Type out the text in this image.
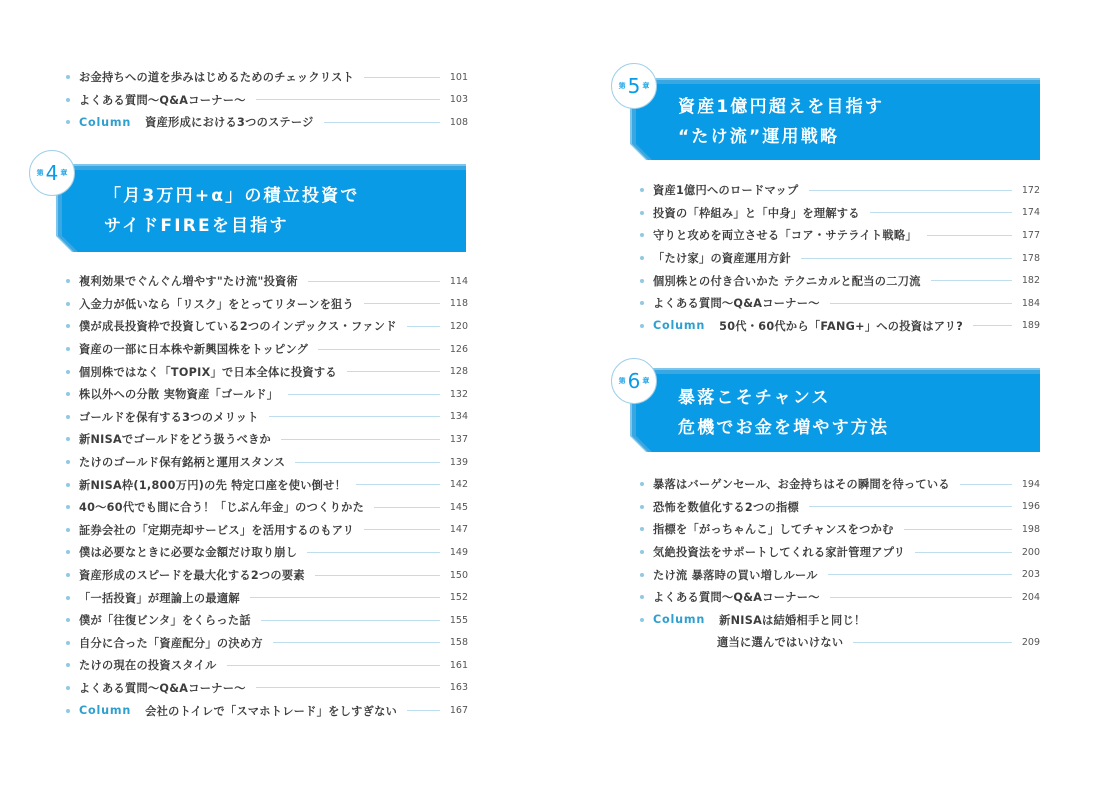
お金持ちへの道を歩みはじめるためのチェックリスト	101
よくある質問〜Q&Aコーナー〜	103
Column 資産形成における3つのステージ	108
「月3万円+α」の積立投資で
サイドFIREを目指す
第 4 章
複利効果でぐんぐん増やす"たけ流"投資術	114
入金力が低いなら「リスク」をとってリターンを狙う	118
僕が成長投資枠で投資している2つのインデックス・ファンド	120
資産の一部に日本株や新興国株をトッピング	126
個別株ではなく「TOPIX」で日本全体に投資する	128
株以外への分散 実物資産「ゴールド」	132
ゴールドを保有する3つのメリット	134
新NISAでゴールドをどう扱うべきか	137
たけのゴールド保有銘柄と運用スタンス	139
新NISA枠(1,800万円)の先 特定口座を使い倒せ！	142
40〜60代でも間に合う！「じぶん年金」のつくりかた	145
証券会社の「定期売却サービス」を活用するのもアリ	147
僕は必要なときに必要な金額だけ取り崩し	149
資産形成のスピードを最大化する2つの要素	150
「一括投資」が理論上の最適解	152
僕が「往復ビンタ」をくらった話	155
自分に合った「資産配分」の決め方	158
たけの現在の投資スタイル	161
よくある質問〜Q&Aコーナー〜	163
Column 会社のトイレで「スマホトレード」をしすぎない	167
資産1億円超えを目指す
“たけ流”運用戦略
第 5 章
資産1億円へのロードマップ	172
投資の「枠組み」と「中身」を理解する	174
守りと攻めを両立させる「コア・サテライト戦略」	177
「たけ家」の資産運用方針	178
個別株との付き合いかた テクニカルと配当の二刀流	182
よくある質問〜Q&Aコーナー〜	184
Column 50代・60代から「FANG+」への投資はアリ?	189
暴落こそチャンス
危機でお金を増やす方法
第 6 章
暴落はバーゲンセール、お金持ちはその瞬間を待っている	194
恐怖を数値化する2つの指標	196
指標を「がっちゃんこ」してチャンスをつかむ	198
気絶投資法をサポートしてくれる家計管理アプリ	200
たけ流 暴落時の買い増しルール	203
よくある質問〜Q&Aコーナー〜	204
Column 新NISAは結婚相手と同じ！
適当に選んではいけない	209
